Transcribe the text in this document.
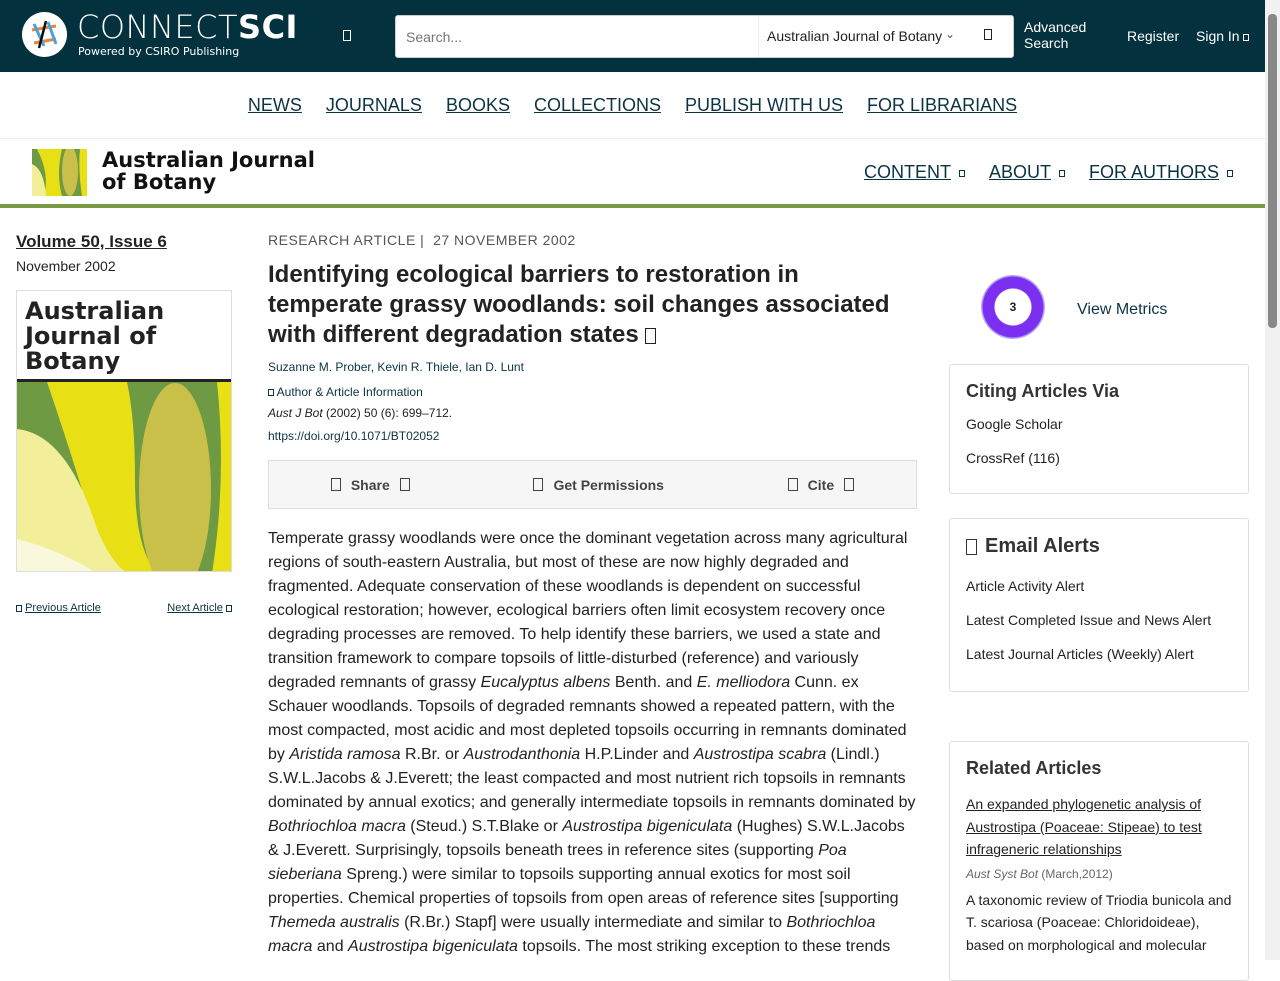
CONNECTSCI
Powered by CSIRO Publishing
Search...
Australian Journal of Botany ⌄	Advanced Search	Register Sign In
NEWS JOURNALS BOOKS COLLECTIONS PUBLISH WITH US FOR LIBRARIANS
Australian Journal
of Botany	CONTENT	ABOUT	FOR AUTHORS
Volume 50, Issue 6
November 2002
Australian Journal of Botany
Previous Article	Next Article
RESEARCH ARTICLE | 27 NOVEMBER 2002
Identifying ecological barriers to restoration in temperate grassy woodlands: soil changes associated with different degradation states
Suzanne M. Prober, Kevin R. Thiele, Ian D. Lunt
Author & Article Information
Aust J Bot (2002) 50 (6): 699–712.
https://doi.org/10.1071/BT02052
Share	Get Permissions	Cite

Temperate grassy woodlands were once the dominant vegetation across many agricultural regions of south-eastern Australia, but most of these are now highly degraded and fragmented. Adequate conservation of these woodlands is dependent on successful ecological restoration; however, ecological barriers often limit ecosystem recovery once degrading processes are removed. To help identify these barriers, we used a state and transition framework to compare topsoils of little-disturbed (reference) and variously degraded remnants of grassy Eucalyptus albens Benth. and E. melliodora Cunn. ex Schauer woodlands. Topsoils of degraded remnants showed a repeated pattern, with the most compacted, most acidic and most depleted topsoils occurring in remnants dominated by Aristida ramosa R.Br. or Austrodanthonia H.P.Linder and Austrostipa scabra (Lindl.) S.W.L.Jacobs & J.Everett; the least compacted and most nutrient rich topsoils in remnants dominated by annual exotics; and generally intermediate topsoils in remnants dominated by Bothriochloa macra (Steud.) S.T.Blake or Austrostipa bigeniculata (Hughes) S.W.L.Jacobs & J.Everett. Surprisingly, topsoils beneath trees in reference sites (supporting Poa sieberiana Spreng.) were similar to topsoils supporting annual exotics for most soil properties. Chemical properties of topsoils from open areas of reference sites [supporting Themeda australis (R.Br.) Stapf] were usually intermediate and similar to Bothriochloa macra and Austrostipa bigeniculata topsoils. The most striking exception to these trends

3	View Metrics
Citing Articles Via
Google Scholar
CrossRef (116)
Email Alerts
Article Activity Alert
Latest Completed Issue and News Alert
Latest Journal Articles (Weekly) Alert
Related Articles
An expanded phylogenetic analysis of Austrostipa (Poaceae: Stipeae) to test infrageneric relationships
Aust Syst Bot (March,2012)
A taxonomic review of Triodia bunicola and T. scariosa (Poaceae: Chloridoideae), based on morphological and molecular
